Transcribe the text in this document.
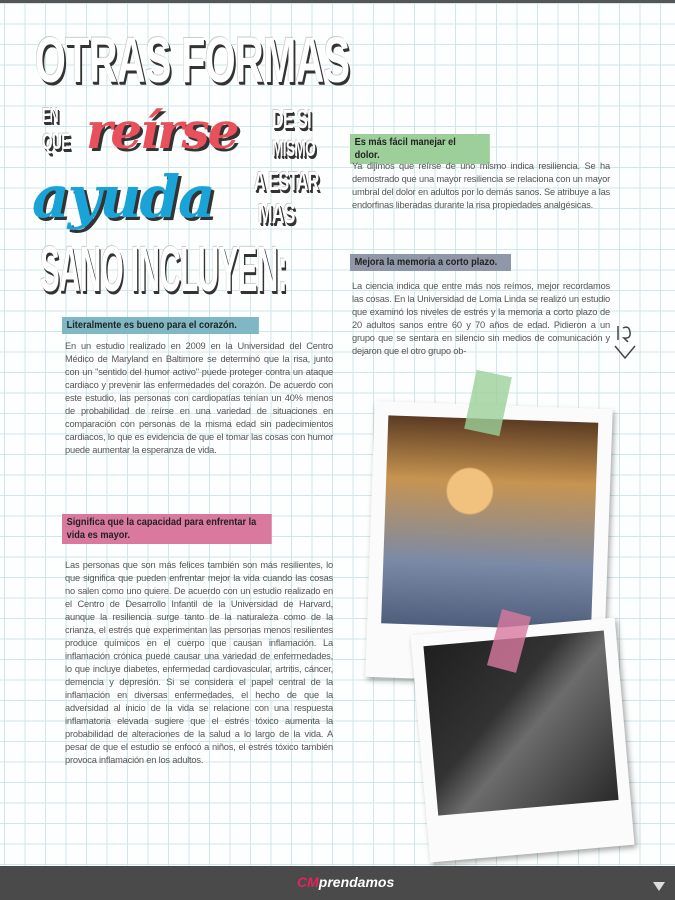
OTRAS FORMAS
EN
QUE reírse DE SI
MISMO
ayuda A ESTAR
MAS
SANO INCLUYEN:
Literalmente es bueno para el corazón.
En un estudio realizado en 2009 en la Universidad del Centro Médico de Maryland en Baltimore se determinó que la risa, junto con un "sentido del humor activo" puede proteger contra un ataque cardiaco y prevenir las enfermedades del corazón. De acuerdo con este estudio, las personas con cardiopatías tenían un 40% menos de probabilidad de reírse en una variedad de situaciones en comparación con personas de la misma edad sin padecimientos cardiacos, lo que es evidencia de que el tomar las cosas con humor puede aumentar la esperanza de vida.
Significa que la capacidad para enfrentar la vida es mayor.
Las personas que son más felices también son más resilientes, lo que significa que pueden enfrentar mejor la vida cuando las cosas no salen como uno quiere. De acuerdo con un estudio realizado en el Centro de Desarrollo Infantil de la Universidad de Harvard, aunque la resiliencia surge tanto de la naturaleza como de la crianza, el estrés que experimentan las personas menos resilientes produce químicos en el cuerpo que causan inflamación. La inflamación crónica puede causar una variedad de enfermedades, lo que incluye diabetes, enfermedad cardiovascular, artritis, cáncer, demencia y depresión. Si se considera el papel central de la inflamación en diversas enfermedades, el hecho de que la adversidad al inicio de la vida se relacione con una respuesta inflamatoria elevada sugiere que el estrés tóxico aumenta la probabilidad de alteraciones de la salud a lo largo de la vida. A pesar de que el estudio se enfocó a niños, el estrés tóxico también provoca inflamación en los adultos.
Es más fácil manejar el dolor.
Ya dijimos que reírse de uno mismo indica resiliencia. Se ha demostrado que una mayor resiliencia se relaciona con un mayor umbral del dolor en adultos por lo demás sanos. Se atribuye a las endorfinas liberadas durante la risa propiedades analgésicas.
Mejora la memoria a corto plazo.
La ciencia indica que entre más nos reímos, mejor recordamos las cosas. En la Universidad de Loma Linda se realizó un estudio que examinó los niveles de estrés y la memoria a corto plazo de 20 adultos sanos entre 60 y 70 años de edad. Pidieron a un grupo que se sentara en silencio sin medios de comunicación y dejaron que el otro grupo ob-
CMprendamos
